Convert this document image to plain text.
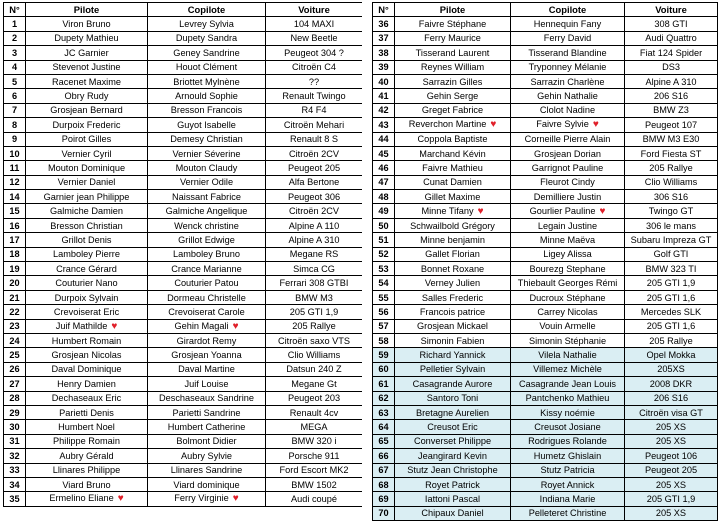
N°	Pilote	Copilote	Voiture
1	Viron Bruno	Levrey Sylvia	104 MAXI
2	Dupety Mathieu	Dupety Sandra	New Beetle
3	JC Garnier	Geney Sandrine	Peugeot 304 ?
4	Stevenot Justine	Houot Clément	Citroën C4
5	Racenet Maxime	Briottet Mylnène	??
6	Obry Rudy	Arnould Sophie	Renault Twingo
7	Grosjean Bernard	Bresson Francois	R4 F4
8	Durpoix Frederic	Guyot Isabelle	Citroën Mehari
9	Poirot Gilles	Demesy Christian	Renault 8 S
10	Vernier Cyril	Vernier Séverine	Citroën 2CV
11	Mouton Dominique	Mouton Claudy	Peugeot 205
12	Vernier Daniel	Vernier Odile	Alfa Bertone
14	Garnier jean Philippe	Naissant Fabrice	Peugeot 306
15	Galmiche Damien	Galmiche Angelique	Citroën 2CV
16	Bresson Christian	Wenck christine	Alpine A 110
17	Grillot Denis	Grillot Edwige	Alpine A 310
18	Lamboley Pierre	Lamboley Bruno	Megane RS
19	Crance Gérard	Crance Marianne	Simca CG
20	Couturier Nano	Couturier Patou	Ferrari 308 GTBI
21	Durpoix Sylvain	Dormeau Christelle	BMW M3
22	Crevoiserat Eric	Crevoiserat Carole	205 GTI 1,9
23	Juif Mathilde ♥	Gehin Magali ♥	205 Rallye
24	Humbert Romain	Girardot Remy	Citroën saxo VTS
25	Grosjean Nicolas	Grosjean Yoanna	Clio Williams
26	Daval Dominique	Daval Martine	Datsun 240 Z
27	Henry Damien	Juif Louise	Megane Gt
28	Dechaseaux Eric	Deschaseaux Sandrine	Peugeot 203
29	Parietti Denis	Parietti Sandrine	Renault 4cv
30	Humbert Noel	Humbert Catherine	MEGA
31	Philippe Romain	Bolmont Didier	BMW 320 i
32	Aubry Gérald	Aubry Sylvie	Porsche 911
33	Llinares Philippe	Llinares Sandrine	Ford Escort MK2
34	Viard Bruno	Viard dominique	BMW 1502
35	Ermelino Eliane ♥	Ferry Virginie ♥	Audi coupé
N°	Pilote	Copilote	Voiture
36	Faivre Stéphane	Hennequin Fany	308 GTI
37	Ferry Maurice	Ferry David	Audi Quattro
38	Tisserand Laurent	Tisserand Blandine	Fiat 124 Spider
39	Reynes William	Tryponney Mélanie	DS3
40	Sarrazin Gilles	Sarrazin Charlène	Alpine A 310
41	Gehin Serge	Gehin Nathalie	206 S16
42	Greget Fabrice	Clolot Nadine	BMW Z3
43	Reverchon Martine ♥	Faivre Sylvie ♥	Peugeot 107
44	Coppola Baptiste	Corneille Pierre Alain	BMW M3 E30
45	Marchand Kévin	Grosjean Dorian	Ford Fiesta ST
46	Faivre Mathieu	Garrignot Pauline	205 Rallye
47	Cunat Damien	Fleurot Cindy	Clio Williams
48	Gillet Maxime	Demilliere Justin	306 S16
49	Minne Tifany ♥	Gourlier Pauline ♥	Twingo GT
50	Schwailbold Grégory	Legain Justine	306 le mans
51	Minne benjamin	Minne Maëva	Subaru Impreza GT
52	Gallet Florian	Ligey Alissa	Golf GTI
53	Bonnet Roxane	Bourezg Stephane	BMW 323 TI
54	Verney Julien	Thiebault Georges Rémi	205 GTI 1,9
55	Salles Frederic	Ducroux Stéphane	205 GTI 1,6
56	Francois patrice	Carrey Nicolas	Mercedes SLK
57	Grosjean Mickael	Vouin Armelle	205 GTI 1,6
58	Simonin Fabien	Simonin Stéphanie	205 Rallye
59	Richard Yannick	Vilela Nathalie	Opel Mokka
60	Pelletier Sylvain	Villemez Michèle	205XS
61	Casagrande Aurore	Casagrande Jean Louis	2008 DKR
62	Santoro Toni	Pantchenko Mathieu	206 S16
63	Bretagne Aurelien	Kissy noémie	Citroën visa GT
64	Creusot Eric	Creusot Josiane	205 XS
65	Converset Philippe	Rodrigues Rolande	205 XS
66	Jeangirard Kevin	Humetz Ghislain	Peugeot 106
67	Stutz Jean Christophe	Stutz Patricia	Peugeot 205
68	Royet Patrick	Royet Annick	205 XS
69	Iattoni Pascal	Indiana Marie	205 GTI 1,9
70	Chipaux Daniel	Pelleteret Christine	205 XS
